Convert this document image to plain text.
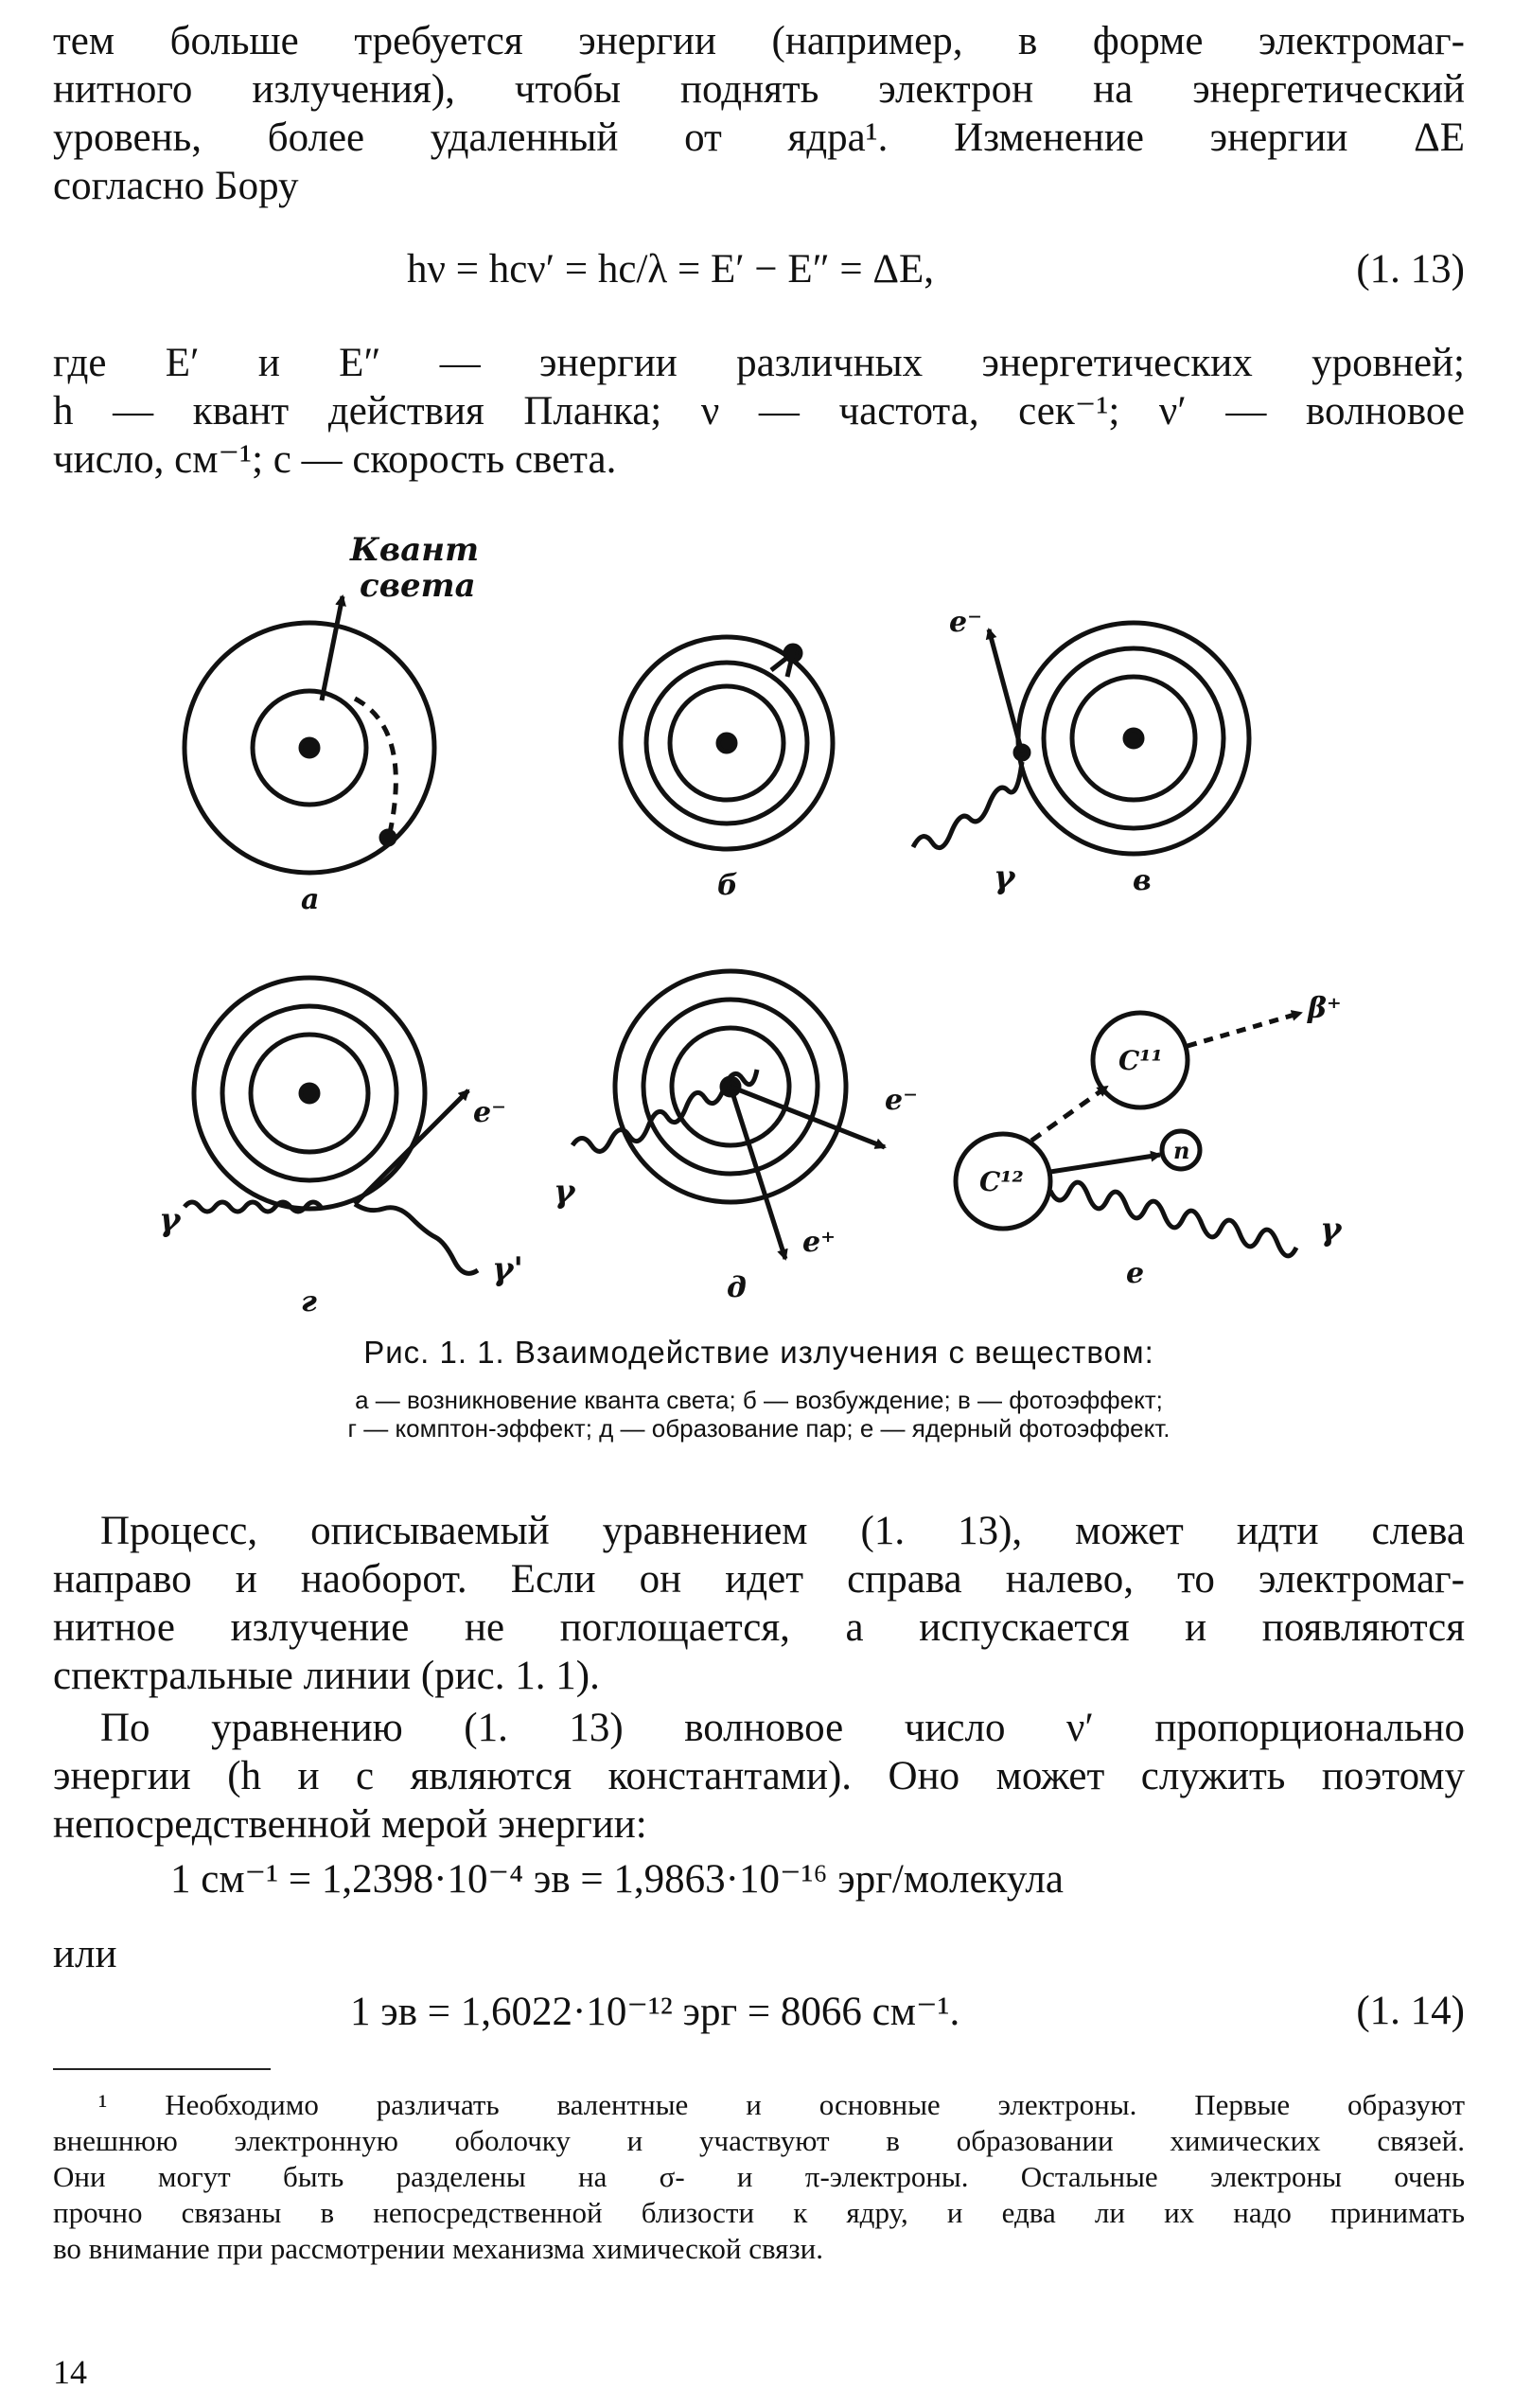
тем больше требуется энергии (например, в форме электромаг-
нитного излучения), чтобы поднять электрон на энергетический
уровень, более удаленный от ядра¹. Изменение энергии ΔE
согласно Бору
hν = hcν′ = hc/λ = E′ − E″ = ΔE,	(1. 13)
где E′ и E″ — энергии различных энергетических уровней;
h — квант действия Планка; ν — частота, сек⁻¹; ν′ — волновое
число, см⁻¹; c — скорость света.
Квант
света
а	б	в
e⁻
γ
e⁻
γ
γ'
г
e⁻
γ
e⁺
д
C¹¹
C¹²
n
β⁺
γ
е
Рис. 1. 1. Взаимодействие излучения с веществом:
а — возникновение кванта света; б — возбуждение; в — фотоэффект;
г — комптон-эффект; д — образование пар; е — ядерный фотоэффект.
Процесс, описываемый уравнением (1. 13), может идти слева
направо и наоборот. Если он идет справа налево, то электромаг-
нитное излучение не поглощается, а испускается и появляются
спектральные линии (рис. 1. 1).
По уравнению (1. 13) волновое число ν′ пропорционально
энергии (h и c являются константами). Оно может служить поэтому
непосредственной мерой энергии:
1 см⁻¹ = 1,2398·10⁻⁴ эв = 1,9863·10⁻¹⁶ эрг/молекула
или
1 эв = 1,6022·10⁻¹² эрг = 8066 см⁻¹.	(1. 14)
¹ Необходимо различать валентные и основные электроны. Первые образуют
внешнюю электронную оболочку и участвуют в образовании химических связей.
Они могут быть разделены на σ- и π-электроны. Остальные электроны очень
прочно связаны в непосредственной близости к ядру, и едва ли их надо принимать
во внимание при рассмотрении механизма химической связи.
14
